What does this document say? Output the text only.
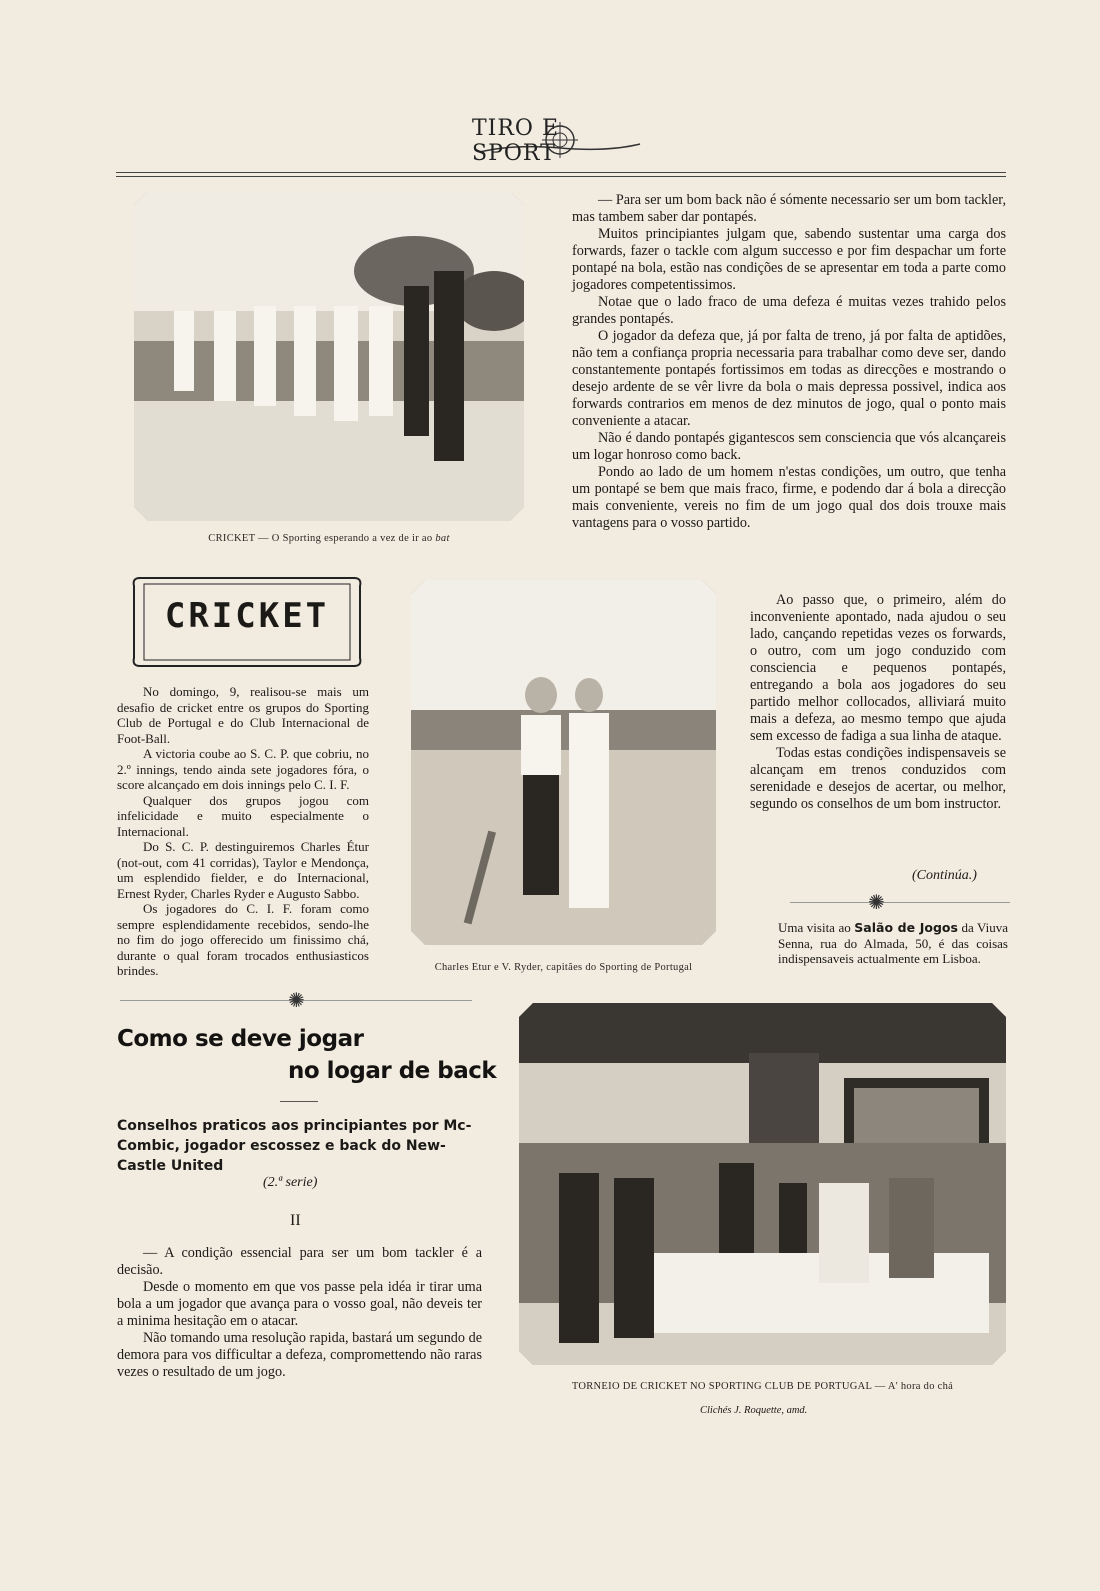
TIRO E SPORT
CRICKET — O Sporting esperando a vez de ir ao bat
CRICKET

No domingo, 9, realisou-se mais um desafio de cricket entre os grupos do Sporting Club de Portugal e do Club Internacional de Foot-Ball.

A victoria coube ao S. C. P. que cobriu, no 2.º innings, tendo ainda sete jogadores fóra, o score alcançado em dois innings pelo C. I. F.

Qualquer dos grupos jogou com infelicidade e muito especialmente o Internacional.

Do S. C. P. destinguiremos Charles Étur (not-out, com 41 corridas), Taylor e Mendonça, um esplendido fielder, e do Internacional, Ernest Ryder, Charles Ryder e Augusto Sabbo.

Os jogadores do C. I. F. foram como sempre esplendidamente recebidos, sendo-lhe no fim do jogo offerecido um finissimo chá, durante o qual foram trocados enthusiasticos brindes.	Charles Etur e V. Ryder, capitães do Sporting de Portugal

— Para ser um bom back não é sómente necessario ser um bom tackler, mas tambem saber dar pontapés.

Muitos principiantes julgam que, sabendo sustentar uma carga dos forwards, fazer o tackle com algum successo e por fim despachar um forte pontapé na bola, estão nas condições de se apresentar em toda a parte como jogadores competentissimos.

Notae que o lado fraco de uma defeza é muitas vezes trahido pelos grandes pontapés.

O jogador da defeza que, já por falta de treno, já por falta de aptidões, não tem a confiança propria necessaria para trabalhar como deve ser, dando constantemente pontapés fortissimos em todas as direcções e mostrando o desejo ardente de se vêr livre da bola o mais depressa possivel, indica aos forwards contrarios em menos de dez minutos de jogo, qual o ponto mais conveniente a atacar.

Não é dando pontapés gigantescos sem consciencia que vós alcançareis um logar honroso como back.

Pondo ao lado de um homem n'estas condições, um outro, que tenha um pontapé se bem que mais fraco, firme, e podendo dar á bola a direcção mais conveniente, vereis no fim de um jogo qual dos dois trouxe mais vantagens para o vosso partido.

Ao passo que, o primeiro, além do inconveniente apontado, nada ajudou o seu lado, cançando repetidas vezes os forwards, o outro, com um jogo conduzido com consciencia e pequenos pontapés, entregando a bola aos jogadores do seu partido melhor collocados, alliviará muito mais a defeza, ao mesmo tempo que ajuda sem excesso de fadiga a sua linha de ataque.

Todas estas condições indispensaveis se alcançam em trenos conduzidos com serenidade e desejos de acertar, ou melhor, segundo os conselhos de um bom instructor.

(Continúa.)
✺

Uma visita ao Salão de Jogos da Viuva Senna, rua do Almada, 50, é das coisas indispensaveis actualmente em Lisboa.

✺
Como se deve jogar
no logar de back
Conselhos praticos aos principiantes por Mc-Combic, jogador escossez e back do New-Castle United
(2.ª serie)
II

— A condição essencial para ser um bom tackler é a decisão.

Desde o momento em que vos passe pela idéa ir tirar uma bola a um jogador que avança para o vosso goal, não deveis ter a minima hesitação em o atacar.

Não tomando uma resolução rapida, bastará um segundo de demora para vos difficultar a defeza, compromettendo não raras vezes o resultado de um jogo.

TORNEIO DE CRICKET NO SPORTING CLUB DE PORTUGAL — A' hora do chá
Clichés J. Roquette, amd.
